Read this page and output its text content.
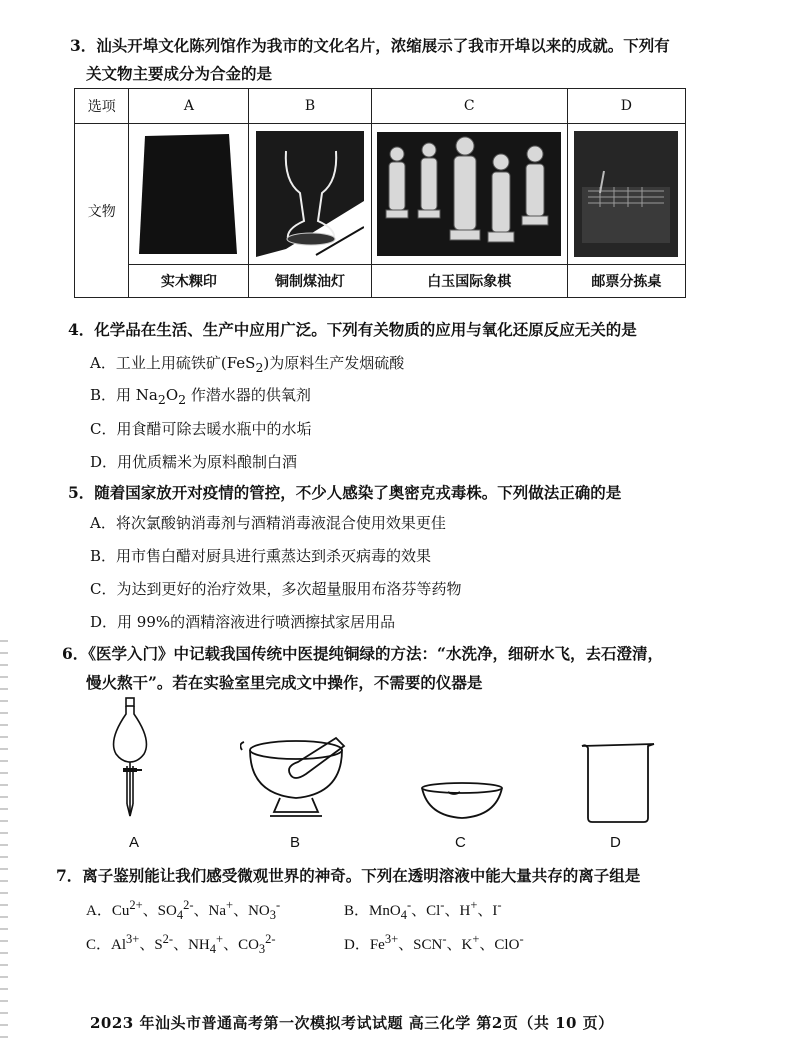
3．汕头开埠文化陈列馆作为我市的文化名片，浓缩展示了我市开埠以来的成就。下列有
关文物主要成分为合金的是
选项	A	B	C	D
文物	

	实木粿印	铜制煤油灯	白玉国际象棋	邮票分拣桌
4．化学品在生活、生产中应用广泛。下列有关物质的应用与氧化还原反应无关的是
A．工业上用硫铁矿(FeS$_2$)为原料生产发烟硫酸
B．用 $Na_2O_2$ 作潜水器的供氧剂
C．用食醋可除去暖水瓶中的水垢
D．用优质糯米为原料酿制白酒
5．随着国家放开对疫情的管控，不少人感染了奥密克戎毒株。下列做法正确的是
A．将次氯酸钠消毒剂与酒精消毒液混合使用效果更佳
B．用市售白醋对厨具进行熏蒸达到杀灭病毒的效果
C．为达到更好的治疗效果，多次超量服用布洛芬等药物
D．用 99%的酒精溶液进行喷洒擦拭家居用品
6．《医学入门》中记载我国传统中医提纯铜绿的方法：“水洗净，细研水飞，去石澄清，
慢火熬干”。若在实验室里完成文中操作，不需要的仪器是
A	B	C	D
7．离子鉴别能让我们感受微观世界的神奇。下列在透明溶液中能大量共存的离子组是
A．$Cu^{2+}$、$SO_4^{2-}$、Na+、$NO_3^-$	B．MnO$_4$-、Cl-、H+、I-
C．$Al^{3+}$、$S^{2-}$、$NH_4^+$、$CO_3^{2-}$	D．$Fe^{3+}$、SCN-、K+、ClO-
2023 年汕头市普通高考第一次模拟考试试题 高三化学 第2页（共 10 页）
